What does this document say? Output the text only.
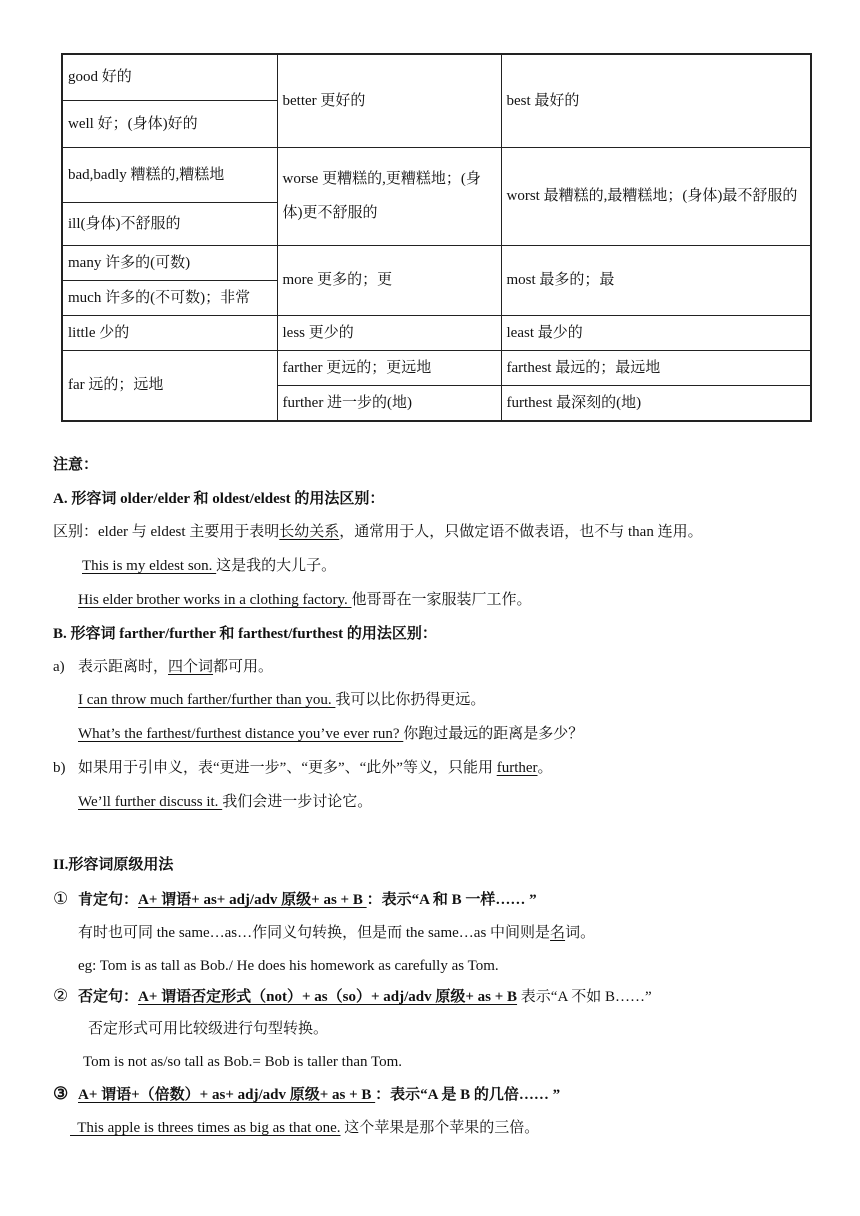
good 好的	better 更好的	best 最好的
well 好；(身体)好的		
bad,badly 糟糕的,糟糕地	worse 更糟糕的,更糟糕地；(身体)更不舒服的	worst 最糟糕的,最糟糕地；(身体)最不舒服的
ill(身体)不舒服的		
many 许多的(可数)	more 更多的；更	most 最多的；最
much 许多的(不可数)；非常		
little 少的	less 更少的	least 最少的
far 远的；远地	farther 更远的；更远地	farthest 最远的；最远地
	further 进一步的(地)	furthest 最深刻的(地)
注意：
A. 形容词 older/elder 和 oldest/eldest 的用法区别：
区别：elder 与 eldest 主要用于表明长幼关系，通常用于人，只做定语不做表语，也不与 than 连用。
This is my eldest son. 这是我的大儿子。
His elder brother works in a clothing factory. 他哥哥在一家服装厂工作。
B. 形容词 farther/further 和 farthest/furthest 的用法区别：
a) 表示距离时，四个词都可用。
I can throw much farther/further than you. 我可以比你扔得更远。
What’s the farthest/furthest distance you’ve ever run? 你跑过最远的距离是多少？
b) 如果用于引申义，表“更进一步”、“更多”、“此外”等义，只能用 further。
We’ll further discuss it. 我们会进一步讨论它。
II.形容词原级用法
① 肯定句：A+ 谓语+ as+ adj/adv 原级+ as + B ：表示“A 和 B 一样…… ”
有时也可同 the same…as…作同义句转换，但是而 the same…as 中间则是名词。
eg: Tom is as tall as Bob./ He does his homework as carefully as Tom.
② 否定句：A+ 谓语否定形式（not）+ as（so）+ adj/adv 原级+ as + B 表示“A 不如 B……”
否定形式可用比较级进行句型转换。
Tom is not as/so tall as Bob.= Bob is taller than Tom.
③ A+ 谓语+（倍数）+ as+ adj/adv 原级+ as + B ：表示“A 是 B 的几倍…… ”
This apple is threes times as big as that one. 这个苹果是那个苹果的三倍。
